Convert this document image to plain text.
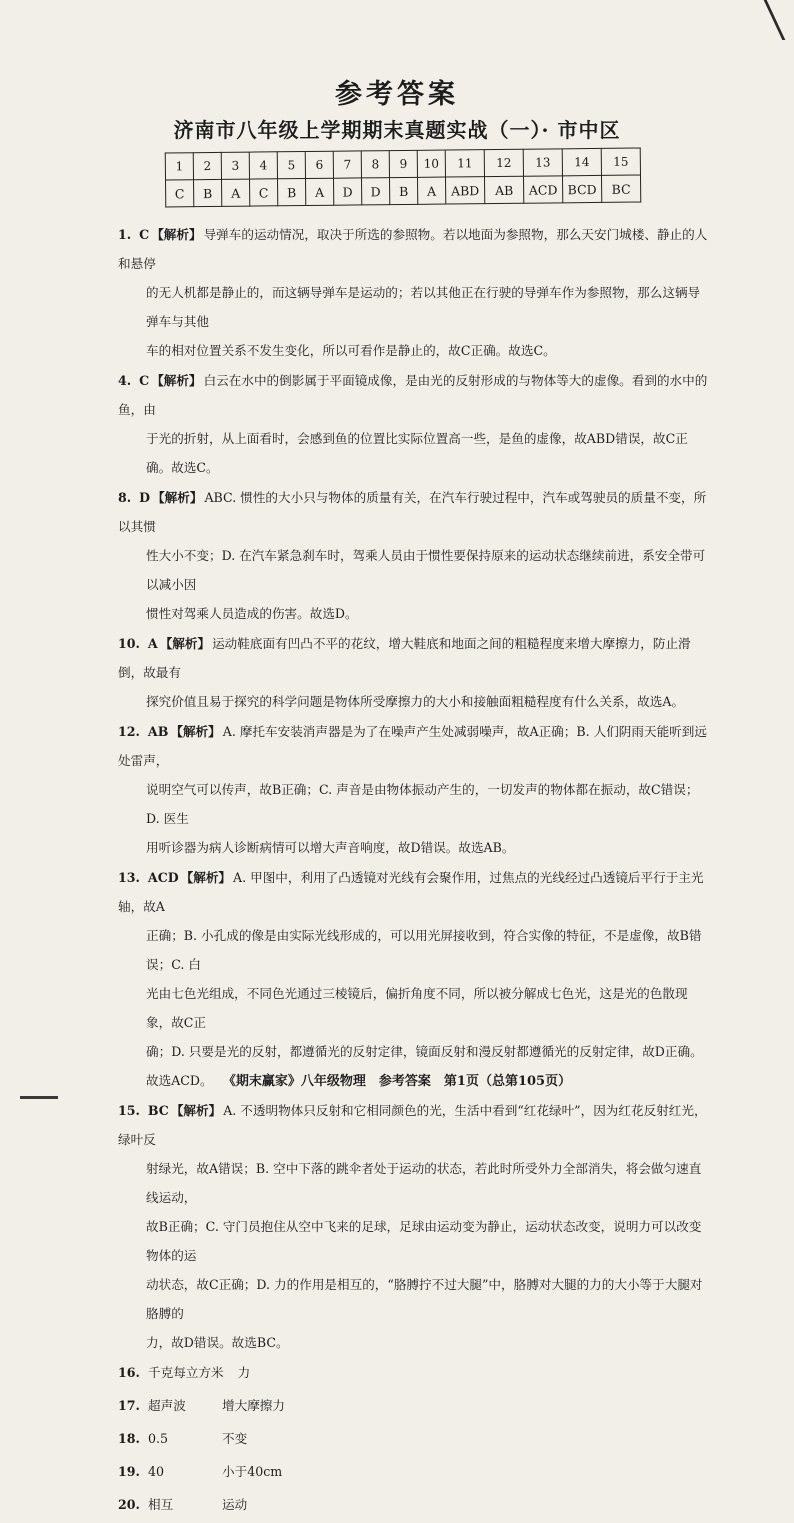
参考答案
济南市八年级上学期期末真题实战（一）· 市中区
1	2	3	4	5	6	7	8	9	10	11	12	13	14	15
C	B	A	C	B	A	D	D	B	A	ABD	AB	ACD	BCD	BC
1. C 【解析】 导弹车的运动情况，取决于所选的参照物。若以地面为参照物，那么天安门城楼、静止的人和悬停
的无人机都是静止的，而这辆导弹车是运动的；若以其他正在行驶的导弹车作为参照物，那么这辆导弹车与其他
车的相对位置关系不发生变化，所以可看作是静止的，故C正确。故选C。
4. C 【解析】 白云在水中的倒影属于平面镜成像，是由光的反射形成的与物体等大的虚像。看到的水中的鱼，由
于光的折射，从上面看时，会感到鱼的位置比实际位置高一些，是鱼的虚像，故ABD错误，故C正确。故选C。
8. D 【解析】 ABC. 惯性的大小只与物体的质量有关，在汽车行驶过程中，汽车或驾驶员的质量不变，所以其惯
性大小不变；D. 在汽车紧急刹车时，驾乘人员由于惯性要保持原来的运动状态继续前进，系安全带可以减小因
惯性对驾乘人员造成的伤害。故选D。
10. A 【解析】 运动鞋底面有凹凸不平的花纹，增大鞋底和地面之间的粗糙程度来增大摩擦力，防止滑倒，故最有
探究价值且易于探究的科学问题是物体所受摩擦力的大小和接触面粗糙程度有什么关系，故选A。
12. AB 【解析】 A. 摩托车安装消声器是为了在噪声产生处减弱噪声，故A正确；B. 人们阴雨天能听到远处雷声，
说明空气可以传声，故B正确；C. 声音是由物体振动产生的，一切发声的物体都在振动，故C错误；D. 医生
用听诊器为病人诊断病情可以增大声音响度，故D错误。故选AB。
13. ACD 【解析】 A. 甲图中，利用了凸透镜对光线有会聚作用，过焦点的光线经过凸透镜后平行于主光轴，故A
正确；B. 小孔成的像是由实际光线形成的，可以用光屏接收到，符合实像的特征，不是虚像，故B错误；C. 白
光由七色光组成，不同色光通过三棱镜后，偏折角度不同，所以被分解成七色光，这是光的色散现象，故C正
确；D. 只要是光的反射，都遵循光的反射定律，镜面反射和漫反射都遵循光的反射定律，故D正确。故选ACD。
15. BC 【解析】 A. 不透明物体只反射和它相同颜色的光，生活中看到“红花绿叶”，因为红花反射红光，绿叶反
射绿光，故A错误；B. 空中下落的跳伞者处于运动的状态，若此时所受外力全部消失，将会做匀速直线运动，
故B正确；C. 守门员抱住从空中飞来的足球，足球由运动变为静止，运动状态改变，说明力可以改变物体的运
动状态，故C正确；D. 力的作用是相互的，“胳膊拧不过大腿”中，胳膊对大腿的力的大小等于大腿对胳膊的
力，故D错误。故选BC。
16. 千克每立方米 力
17. 超声波	增大摩擦力
18. 0.5	不变
19. 40	小于40cm
20. 相互	运动
《期末赢家》八年级物理　参考答案　第1页（总第105页）
